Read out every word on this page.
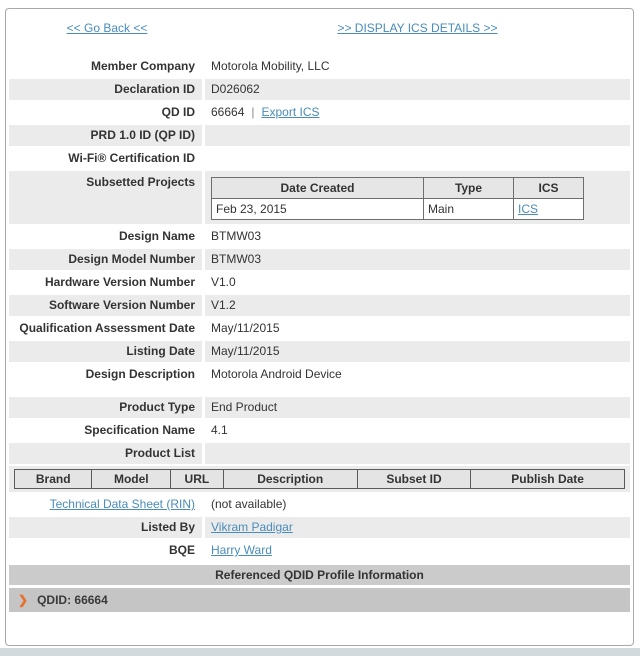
<< Go Back <<	>> DISPLAY ICS DETAILS >>
Member Company	Motorola Mobility, LLC
Declaration ID	D026062
QD ID	66664 | Export ICS
PRD 1.0 ID (QP ID)
Wi-Fi® Certification ID
Subsetted Projects	Date Created	Type	ICS
Feb 23, 2015	Main	ICS
Design Name	BTMW03
Design Model Number	BTMW03
Hardware Version Number	V1.0
Software Version Number	V1.2
Qualification Assessment Date	May/11/2015
Listing Date	May/11/2015
Design Description	Motorola Android Device
Product Type	End Product
Specification Name	4.1
Product List
Brand	Model	URL	Description	Subset ID	Publish Date
Technical Data Sheet (RIN)	(not available)
Listed By	Vikram Padigar
BQE	Harry Ward
Referenced QDID Profile Information
❯ QDID: 66664
